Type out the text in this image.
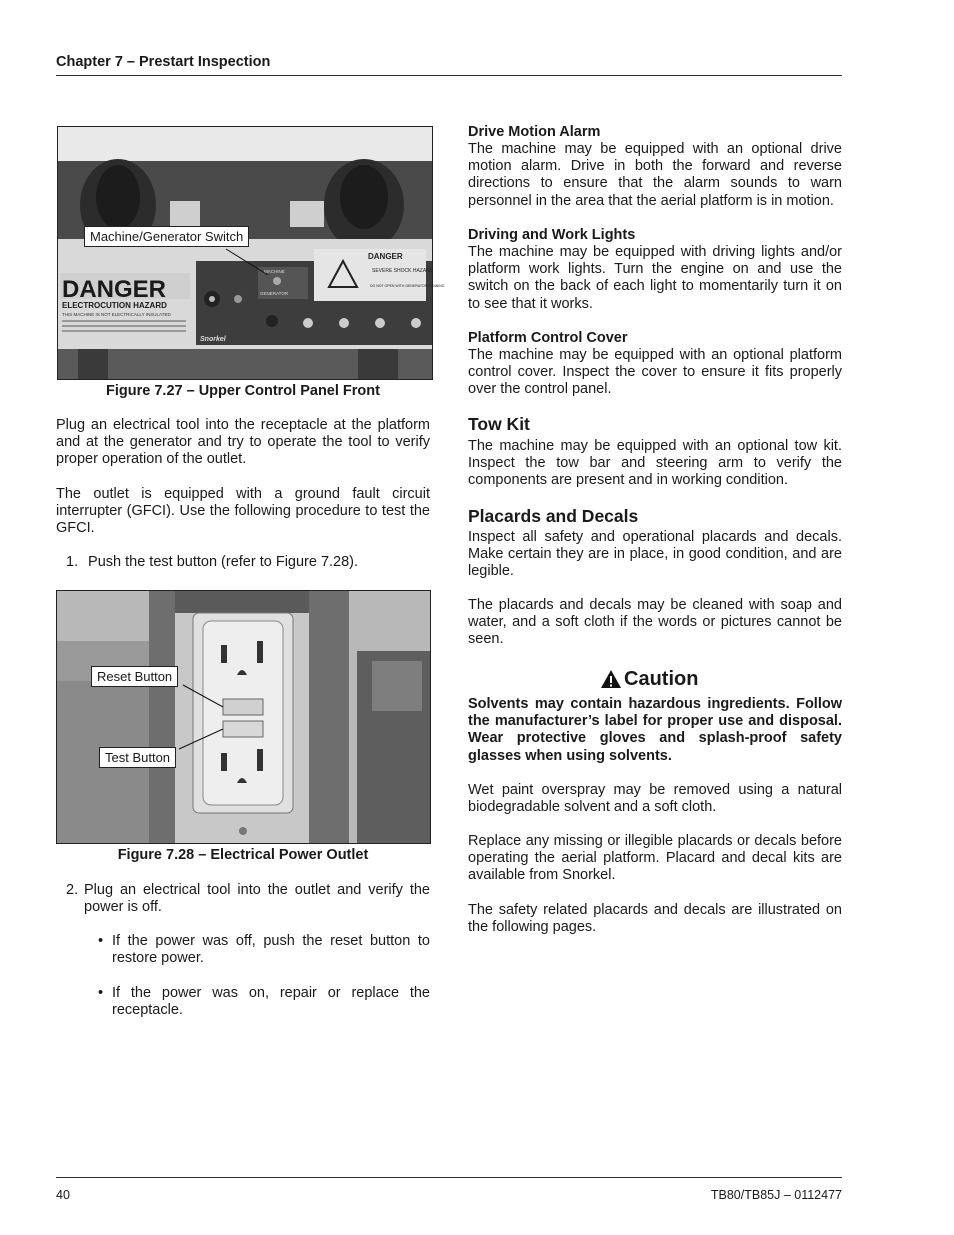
Chapter 7 – Prestart Inspection
DANGER
ELECTROCUTION HAZARD
THIS MACHINE IS NOT ELECTRICALLY INSULATED
MACHINE
GENERATOR
DANGER
SEVERE SHOCK HAZARD
DO NOT OPEN WITH GENERATOR RUNNING
Snorkel
Machine/Generator Switch
Figure 7.27 – Upper Control Panel Front
Plug an electrical tool into the receptacle at the platform and at the generator and try to operate the tool to verify proper operation of the outlet.
The outlet is equipped with a ground fault circuit interrupter (GFCI). Use the following procedure to test the GFCI.
1. Push the test button (refer to Figure 7.28).
Reset Button
Test Button
Figure 7.28 – Electrical Power Outlet
2. Plug an electrical tool into the outlet and verify the power is off.
• If the power was off, push the reset button to restore power.
• If the power was on, repair or replace the receptacle.
Drive Motion Alarm
The machine may be equipped with an optional drive motion alarm. Drive in both the forward and reverse directions to ensure that the alarm sounds to warn personnel in the area that the aerial platform is in motion.
Driving and Work Lights
The machine may be equipped with driving lights and/or platform work lights. Turn the engine on and use the switch on the back of each light to momentarily turn it on to see that it works.
Platform Control Cover
The machine may be equipped with an optional platform control cover. Inspect the cover to ensure it fits properly over the control panel.
Tow Kit
The machine may be equipped with an optional tow kit. Inspect the tow bar and steering arm to verify the components are present and in working condition.
Placards and Decals
Inspect all safety and operational placards and decals. Make certain they are in place, in good condition, and are legible.
The placards and decals may be cleaned with soap and water, and a soft cloth if the words or pictures cannot be seen.
Caution
Solvents may contain hazardous ingredients. Follow the manufacturer’s label for proper use and disposal. Wear protective gloves and splash-proof safety glasses when using solvents.
Wet paint overspray may be removed using a natural biodegradable solvent and a soft cloth.
Replace any missing or illegible placards or decals before operating the aerial platform. Placard and decal kits are available from Snorkel.
The safety related placards and decals are illustrated on the following pages.
40	TB80/TB85J – 0112477
